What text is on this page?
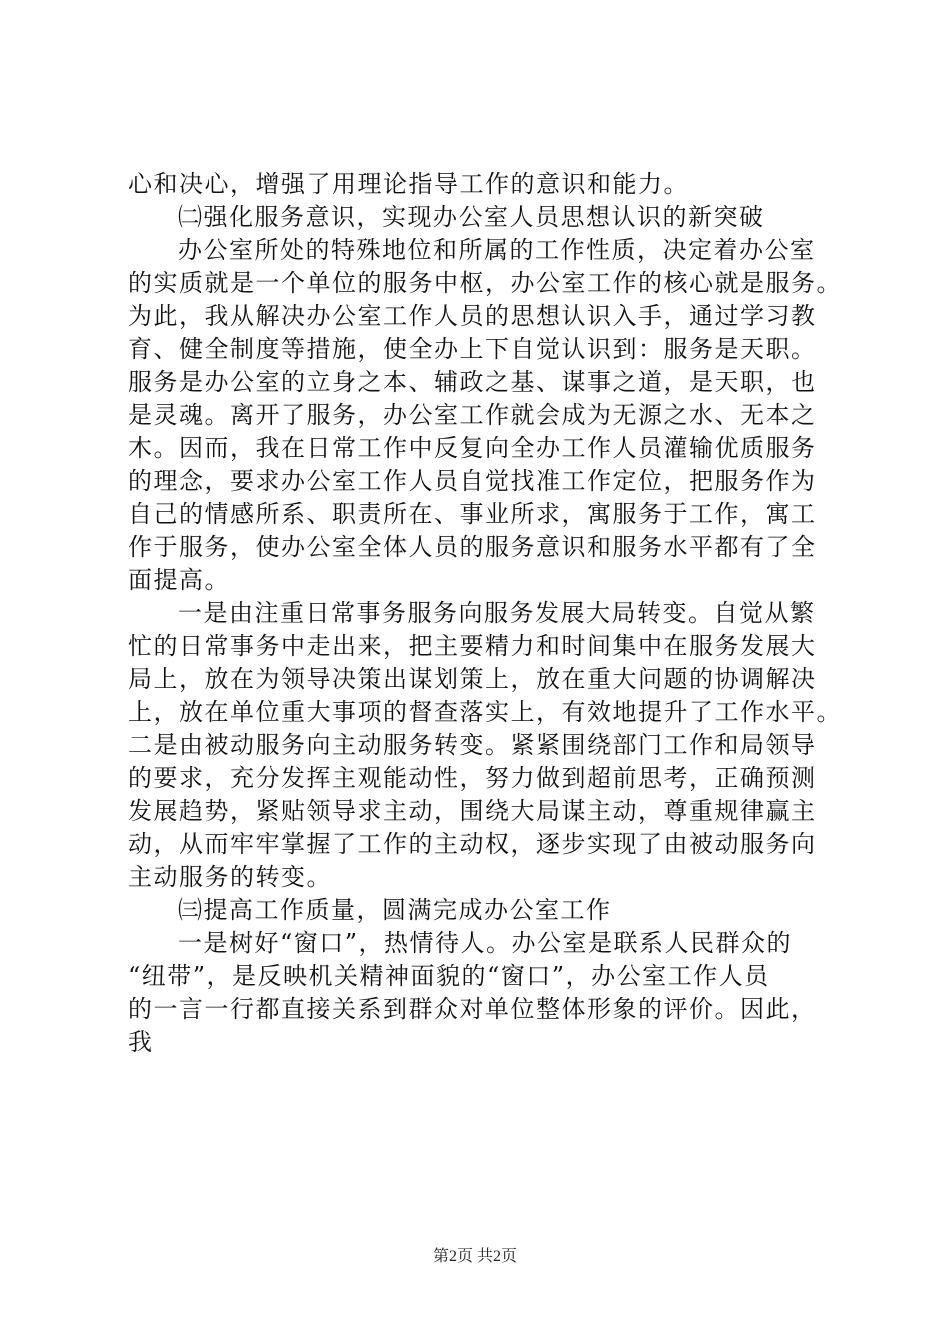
心和决心，增强了用理论指导工作的意识和能力。
㈡强化服务意识，实现办公室人员思想认识的新突破
办公室所处的特殊地位和所属的工作性质，决定着办公室
的实质就是一个单位的服务中枢，办公室工作的核心就是服务。
为此，我从解决办公室工作人员的思想认识入手，通过学习教
育、健全制度等措施，使全办上下自觉认识到：服务是天职。
服务是办公室的立身之本、辅政之基、谋事之道，是天职，也
是灵魂。离开了服务，办公室工作就会成为无源之水、无本之
木。因而，我在日常工作中反复向全办工作人员灌输优质服务
的理念，要求办公室工作人员自觉找准工作定位，把服务作为
自己的情感所系、职责所在、事业所求，寓服务于工作，寓工
作于服务，使办公室全体人员的服务意识和服务水平都有了全
面提高。
一是由注重日常事务服务向服务发展大局转变。自觉从繁
忙的日常事务中走出来，把主要精力和时间集中在服务发展大
局上，放在为领导决策出谋划策上，放在重大问题的协调解决
上，放在单位重大事项的督查落实上，有效地提升了工作水平。
二是由被动服务向主动服务转变。紧紧围绕部门工作和局领导
的要求，充分发挥主观能动性，努力做到超前思考，正确预测
发展趋势，紧贴领导求主动，围绕大局谋主动，尊重规律赢主
动，从而牢牢掌握了工作的主动权，逐步实现了由被动服务向
主动服务的转变。
㈢提高工作质量，圆满完成办公室工作
一是树好“窗口”，热情待人。办公室是联系人民群众的
“纽带”，是反映机关精神面貌的“窗口”，办公室工作人员
的一言一行都直接关系到群众对单位整体形象的评价。因此，
我
第2页 共2页
